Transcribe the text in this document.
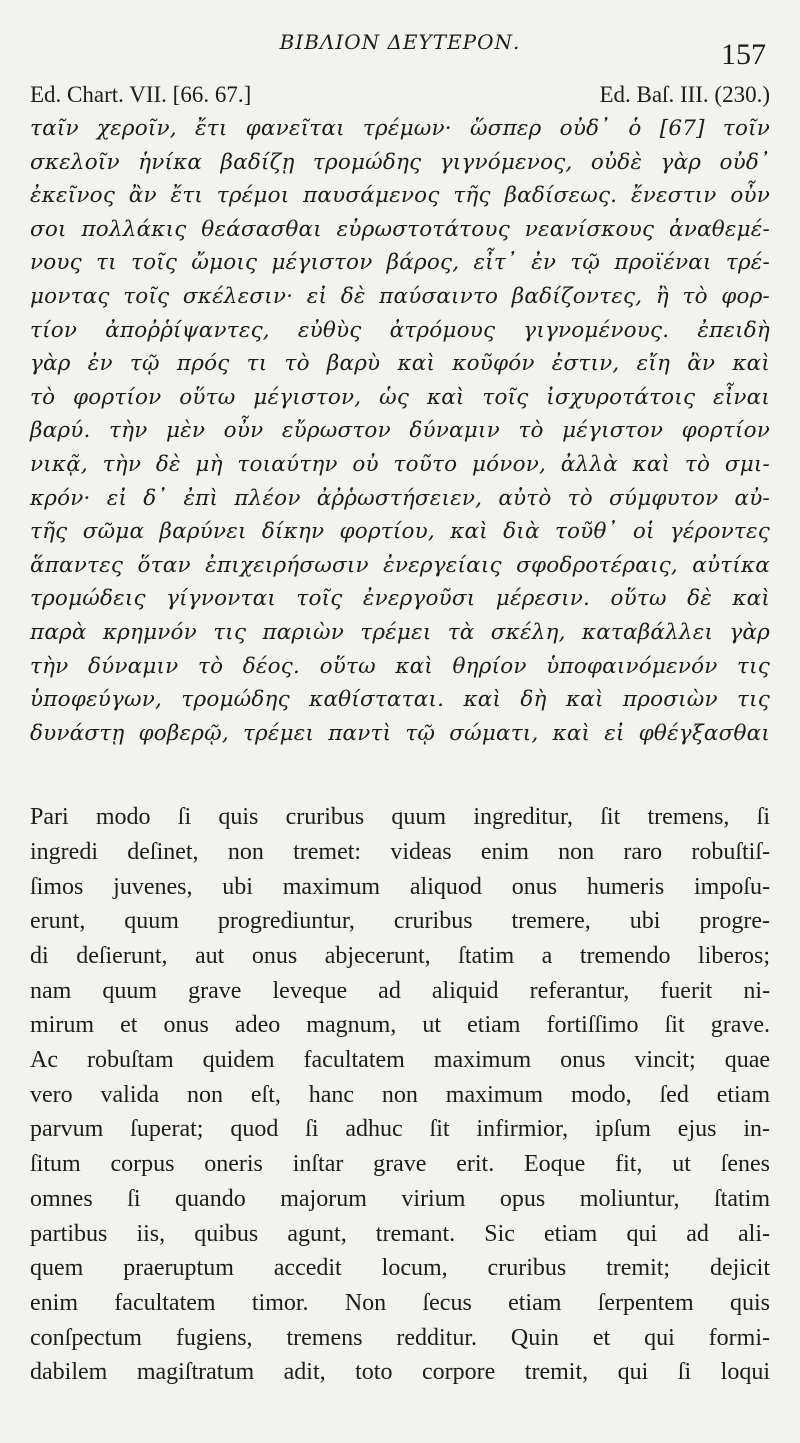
ΒΙΒΛΙΟΝ ΔΕΥΤΕΡΟΝ.	157
Ed. Chart. VII. [66. 67.]	Ed. Baſ. III. (230.)
ταῖν χεροῖν, ἔτι φανεῖται τρέμων· ὥσπερ οὐδ᾽ ὁ [67] τοῖν
σκελοῖν ἡνίκα βαδίζῃ τρομώδης γιγνόμενος, οὐδὲ γὰρ οὐδ᾽
ἐκεῖνος ἂν ἔτι τρέμοι παυσάμενος τῆς βαδίσεως. ἔνεστιν οὖν
σοι πολλάκις θεάσασθαι εὐρωστοτάτους νεανίσκους ἀναθεμέ-
νους τι τοῖς ὤμοις μέγιστον βάρος, εἶτ᾽ ἐν τῷ προϊέναι τρέ-
μοντας τοῖς σκέλεσιν· εἰ δὲ παύσαιντο βαδίζοντες, ἢ τὸ φορ-
τίον ἀποῤῥίψαντες, εὐθὺς ἀτρόμους γιγνομένους. ἐπειδὴ
γὰρ ἐν τῷ πρός τι τὸ βαρὺ καὶ κοῦφόν ἐστιν, εἴη ἂν καὶ
τὸ φορτίον οὕτω μέγιστον, ὡς καὶ τοῖς ἰσχυροτάτοις εἶναι
βαρύ. τὴν μὲν οὖν εὔρωστον δύναμιν τὸ μέγιστον φορτίον
νικᾷ, τὴν δὲ μὴ τοιαύτην οὐ τοῦτο μόνον, ἀλλὰ καὶ τὸ σμι-
κρόν· εἰ δ᾽ ἐπὶ πλέον ἀῤῥωστήσειεν, αὐτὸ τὸ σύμφυτον αὐ-
τῆς σῶμα βαρύνει δίκην φορτίου, καὶ διὰ τοῦθ᾽ οἱ γέροντες
ἅπαντες ὅταν ἐπιχειρήσωσιν ἐνεργείαις σφοδροτέραις, αὐτίκα
τρομώδεις γίγνονται τοῖς ἐνεργοῦσι μέρεσιν. οὕτω δὲ καὶ
παρὰ κρημνόν τις παριὼν τρέμει τὰ σκέλη, καταβάλλει γὰρ
τὴν δύναμιν τὸ δέος. οὕτω καὶ θηρίον ὑποφαινόμενόν τις
ὑποφεύγων, τρομώδης καθίσταται. καὶ δὴ καὶ προσιὼν τις
δυνάστῃ φοβερῷ, τρέμει παντὶ τῷ σώματι, καὶ εἰ φθέγξασθαι
Pari modo ſi quis cruribus quum ingreditur, ſit tremens, ſi
ingredi deſinet, non tremet: videas enim non raro robuſtiſ-
ſimos juvenes, ubi maximum aliquod onus humeris impoſu-
erunt, quum progrediuntur, cruribus tremere, ubi progre-
di deſierunt, aut onus abjecerunt, ſtatim a tremendo liberos;
nam quum grave leveque ad aliquid referantur, fuerit ni-
mirum et onus adeo magnum, ut etiam fortiſſimo ſit grave.
Ac robuſtam quidem facultatem maximum onus vincit; quae
vero valida non eſt, hanc non maximum modo, ſed etiam
parvum ſuperat; quod ſi adhuc ſit infirmior, ipſum ejus in-
ſitum corpus oneris inſtar grave erit. Eoque fit, ut ſenes
omnes ſi quando majorum virium opus moliuntur, ſtatim
partibus iis, quibus agunt, tremant. Sic etiam qui ad ali-
quem praeruptum accedit locum, cruribus tremit; dejicit
enim facultatem timor. Non ſecus etiam ſerpentem quis
conſpectum fugiens, tremens redditur. Quin et qui formi-
dabilem magiſtratum adit, toto corpore tremit, qui ſi loqui
